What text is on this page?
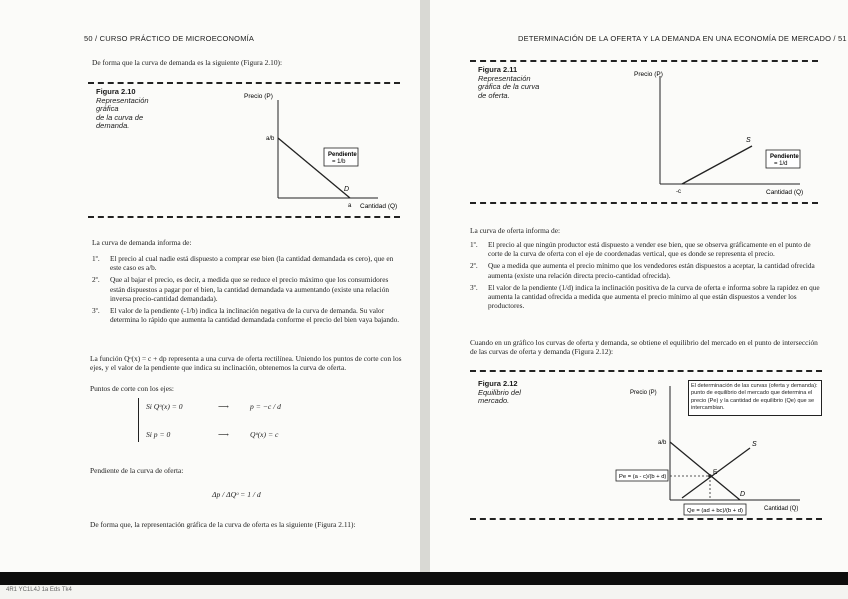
50 / CURSO PRÁCTICO DE MICROECONOMÍA
De forma que la curva de demanda es la siguiente (Figura 2.10):
Figura 2.10
Representación
gráfica
de la curva de
demanda.
Precio (P)
a/b
D
a Cantidad (Q)
Pendiente
= 1/b
La curva de demanda informa de:
1º. El precio al cual nadie está dispuesto a comprar ese bien (la cantidad demandada es cero), que en este caso es a/b.
2º. Que al bajar el precio, es decir, a medida que se reduce el precio máximo que los consumidores están dispuestos a pagar por el bien, la cantidad demandada va aumentando (existe una relación inversa precio-cantidad demandada).
3º. El valor de la pendiente (-1/b) indica la inclinación negativa de la curva de demanda. Su valor determina lo rápido que aumenta la cantidad demandada conforme el precio del bien vaya bajando.
La función Qᵒ(x) = c + dp representa a una curva de oferta rectilínea. Uniendo los puntos de corte con los ejes, y el valor de la pendiente que indica su inclinación, obtenemos la curva de oferta.
Puntos de corte con los ejes:
Si Qᵒ(x) = 0	⟶	p = −c / d
Si p = 0	⟶	Qᵒ(x) = c
Pendiente de la curva de oferta:
Δp / ΔQᵒ = 1 / d
De forma que, la representación gráfica de la curva de oferta es la siguiente (Figura 2.11):
DETERMINACIÓN DE LA OFERTA Y LA DEMANDA EN UNA ECONOMÍA DE MERCADO / 51
Figura 2.11
Representación
gráfica de la curva
de oferta.
Precio (P)
S
-c	Cantidad (Q)
Pendiente
= 1/d
La curva de oferta informa de:
1º. El precio al que ningún productor está dispuesto a vender ese bien, que se observa gráficamente en el punto de corte de la curva de oferta con el eje de coordenadas vertical, que es donde se representa el precio.
2º. Que a medida que aumenta el precio mínimo que los vendedores están dispuestos a aceptar, la cantidad ofrecida aumenta (existe una relación directa precio-cantidad ofrecida).
3º. El valor de la pendiente (1/d) indica la inclinación positiva de la curva de oferta e informa sobre la rapidez en que aumenta la cantidad ofrecida a medida que aumenta el precio mínimo al que están dispuestos a vender los productores.
Cuando en un gráfico los curvas de oferta y demanda, se obtiene el equilibrio del mercado en el punto de intersección de las curvas de oferta y demanda (Figura 2.12):
Figura 2.12
Equilibrio del
mercado.
El determinación de las curvas (oferta y demanda): punto de equilibrio del mercado que determina el precio (Pe) y la cantidad de equilibrio (Qe) que se intercambian.
Precio (P)
a/b	S
D
E
Pe = (a - c)/(b + d)
Qe = (ad + bc)/(b + d)	Cantidad (Q)
4R1 YC1L4J 1a Eds Tk4
